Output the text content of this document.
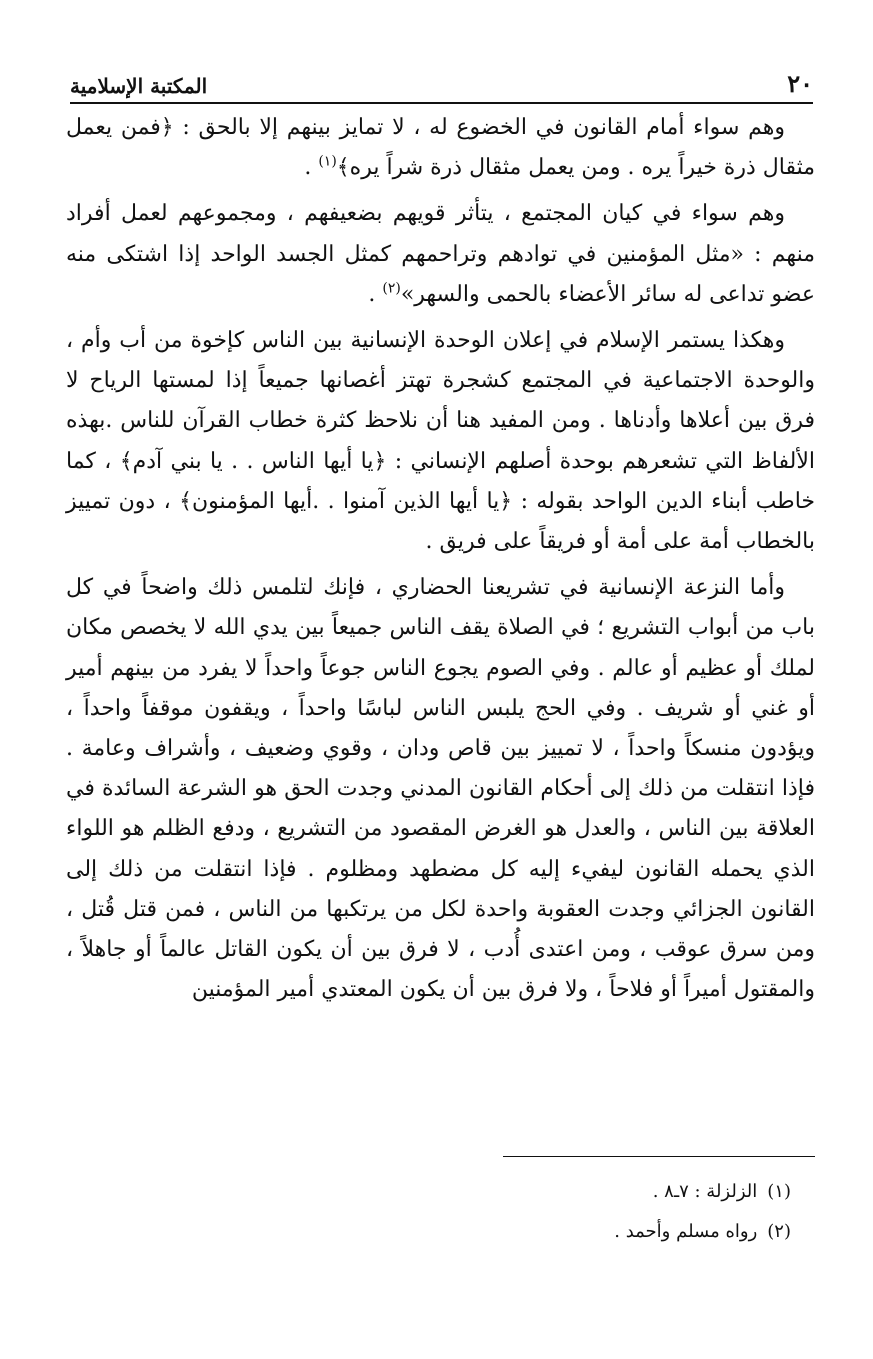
٢٠
المكتبة الإسلامية

وهم سواء أمام القانون في الخضوع له ، لا تمايز بينهم إلا بالحق : ﴿فمن يعمل مثقال ذرة خيراً يره . ومن يعمل مثقال ذرة شراً يره﴾$^{(١)}$ .

وهم سواء في كيان المجتمع ، يتأثر قويهم بضعيفهم ، ومجموعهم لعمل أفراد منهم : «مثل المؤمنين في توادهم وتراحمهم كمثل الجسد الواحد إذا اشتكى منه عضو تداعى له سائر الأعضاء بالحمى والسهر»$^{(٢)}$ .

وهكذا يستمر الإسلام في إعلان الوحدة الإنسانية بين الناس كإخوة من أب وأم ، والوحدة الاجتماعية في المجتمع كشجرة تهتز أغصانها جميعاً إذا لمستها الرياح لا فرق بين أعلاها وأدناها . ومن المفيد هنا أن نلاحظ كثرة خطاب القرآن للناس .بهذه الألفاظ التي تشعرهم بوحدة أصلهم الإنساني : ﴿يا أيها الناس . . يا بني آدم﴾ ، كما خاطب أبناء الدين الواحد بقوله : ﴿يا أيها الذين آمنوا . .أيها المؤمنون﴾ ، دون تمييز بالخطاب أمة على أمة أو فريقاً على فريق .

وأما النزعة الإنسانية في تشريعنا الحضاري ، فإنك لتلمس ذلك واضحاً في كل باب من أبواب التشريع ؛ في الصلاة يقف الناس جميعاً بين يدي الله لا يخصص مكان لملك أو عظيم أو عالم . وفي الصوم يجوع الناس جوعاً واحداً لا يفرد من بينهم أمير أو غني أو شريف . وفي الحج يلبس الناس لباسًا واحداً ، ويقفون موقفاً واحداً ، ويؤدون منسكاً واحداً ، لا تمييز بين قاص ودان ، وقوي وضعيف ، وأشراف وعامة . فإذا انتقلت من ذلك إلى أحكام القانون المدني وجدت الحق هو الشرعة السائدة في العلاقة بين الناس ، والعدل هو الغرض المقصود من التشريع ، ودفع الظلم هو اللواء الذي يحمله القانون ليفيء إليه كل مضطهد ومظلوم . فإذا انتقلت من ذلك إلى القانون الجزائي وجدت العقوبة واحدة لكل من يرتكبها من الناس ، فمن قتل قُتل ، ومن سرق عوقب ، ومن اعتدى أُدب ، لا فرق بين أن يكون القاتل عالماً أو جاهلاً ، والمقتول أميراً أو فلاحاً ، ولا فرق بين أن يكون المعتدي أمير المؤمنين

(١)الزلزلة : ٧ـ٨ .

(٢)رواه مسلم وأحمد .
